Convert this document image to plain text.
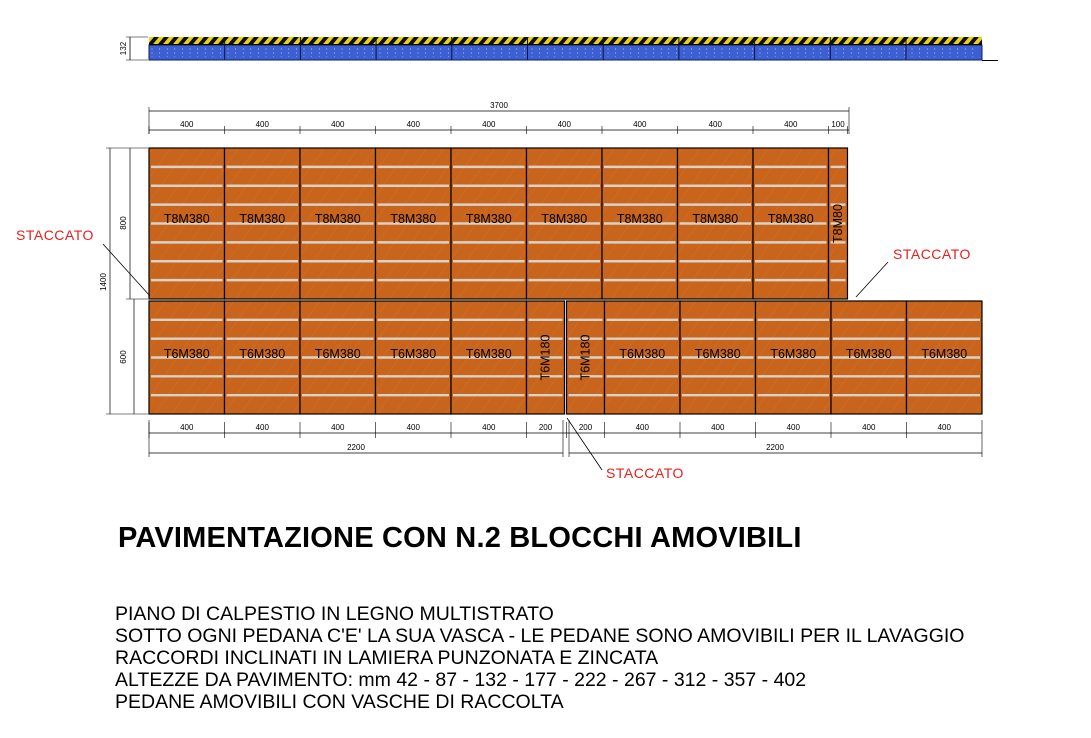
132
3700
400	400	400	400	400	400	400	400	400	100
T8M380 T8M380 T8M380 T8M380 T8M380 T8M380 T8M380 T8M380 T8M380 T8M80
T6M380 T6M380 T6M380 T6M380 T6M380 T6M180 T6M180 T6M380 T6M380 T6M380 T6M380 T6M380
1400
800
600
400	400	400	400	400	200	200	400	400	400	400	400
2200	2200
STACCATO
STACCATO
STACCATO
PAVIMENTAZIONE CON N.2 BLOCCHI AMOVIBILI
PIANO DI CALPESTIO IN LEGNO MULTISTRATO
SOTTO OGNI PEDANA C'E' LA SUA VASCA - LE PEDANE SONO AMOVIBILI PER IL LAVAGGIO
RACCORDI INCLINATI IN LAMIERA PUNZONATA E ZINCATA
ALTEZZE DA PAVIMENTO: mm 42 - 87 - 132 - 177 - 222 - 267 - 312 - 357 - 402
PEDANE AMOVIBILI CON VASCHE DI RACCOLTA
